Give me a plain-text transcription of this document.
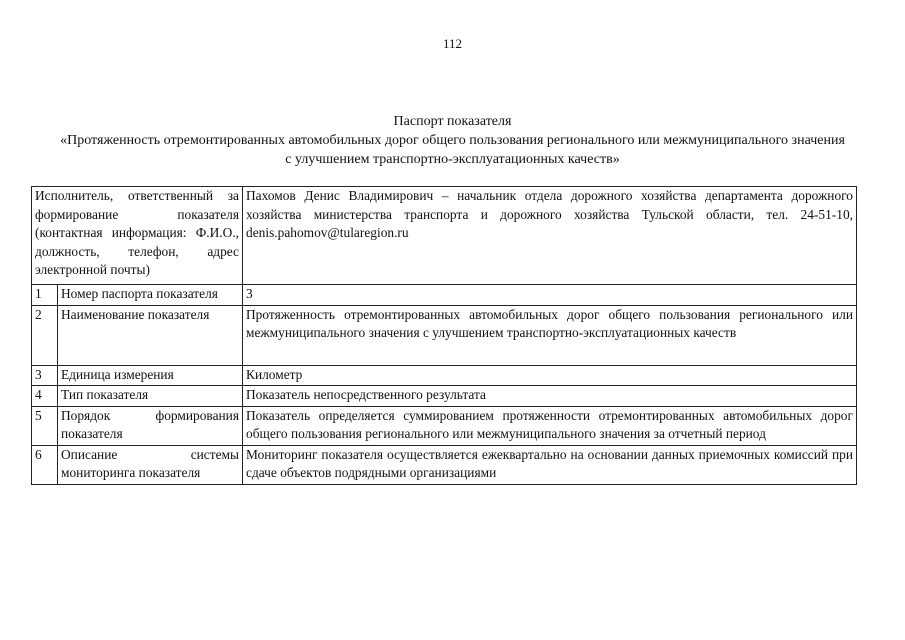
112
Паспорт показателя
«Протяженность отремонтированных автомобильных дорог общего пользования регионального или межмуниципального значения
с улучшением транспортно-эксплуатационных качеств»
Исполнитель, ответственный за формирование показателя (контактная информация: Ф.И.О., должность, телефон, адрес электронной почты)		Пахомов Денис Владимирович – начальник отдела дорожного хозяйства департамента дорожного хозяйства министерства транспорта и дорожного хозяйства Тульской области, тел. 24-51-10, denis.pahomov@tularegion.ru
1	Номер паспорта показателя	3
2	Наименование показателя	Протяженность отремонтированных автомобильных дорог общего пользования регионального или межмуниципального значения с улучшением транспортно-эксплуатационных качеств
3	Единица измерения	Километр
4	Тип показателя	Показатель непосредственного результата
5	Порядок формирования показателя	Показатель определяется суммированием протяженности отремонтированных автомобильных дорог общего пользования регионального или межмуниципального значения за отчетный период
6	Описание системы мониторинга показателя	Мониторинг показателя осуществляется ежеквартально на основании данных приемочных комиссий при сдаче объектов подрядными организациями
